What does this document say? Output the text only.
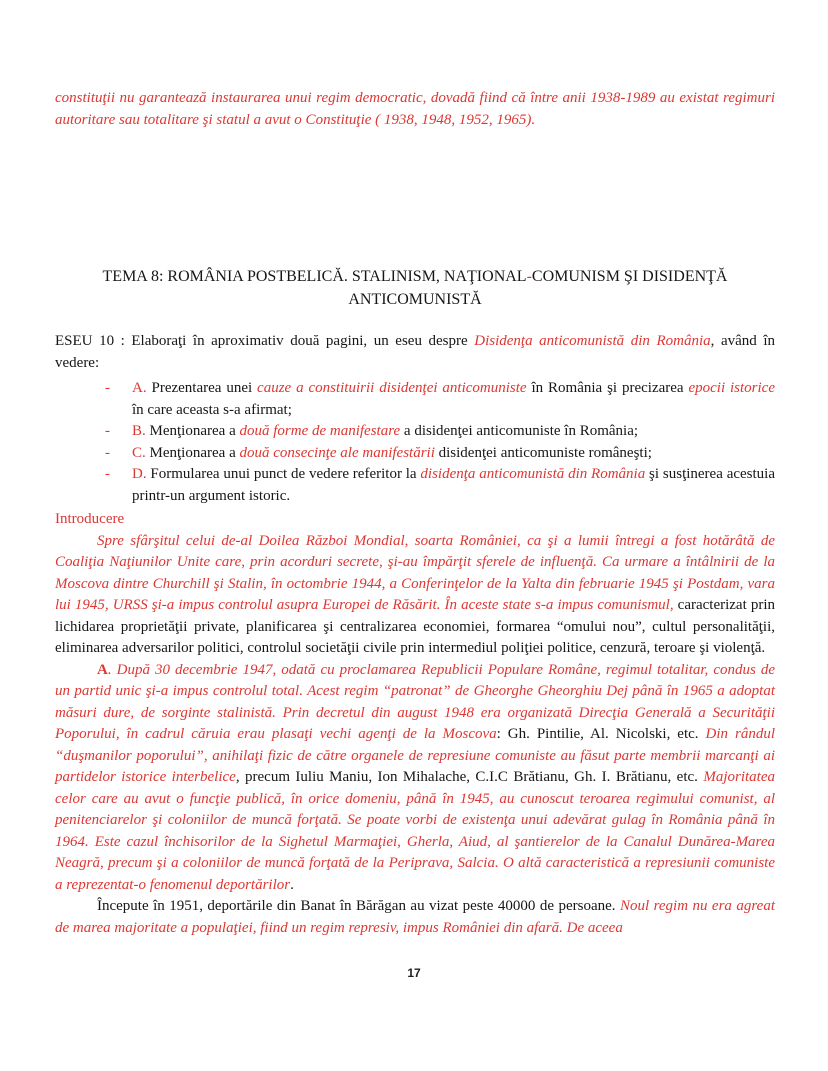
constituţii nu garantează instaurarea unui regim democratic, dovadă fiind că între anii 1938-1989 au existat regimuri autoritare sau totalitare şi statul a avut o Constituţie ( 1938, 1948, 1952, 1965).

TEMA 8: ROMÂNIA POSTBELICĂ. STALINISM, NAŢIONAL-COMUNISM ŞI DISIDENŢĂ
ANTICOMUNISTĂ

ESEU 10 : Elaboraţi în aproximativ două pagini, un eseu despre Disidenţa anticomunistă din România, având în vedere:

- A. Prezentarea unei cauze a constituirii disidenţei anticomuniste în România şi precizarea epocii istorice în care aceasta s-a afirmat;
- B. Menţionarea a două forme de manifestare a disidenţei anticomuniste în România;
- C. Menţionarea a două consecinţe ale manifestării disidenţei anticomuniste româneşti;
- D. Formularea unui punct de vedere referitor la disidenţa anticomunistă din România şi susţinerea acestuia printr-un argument istoric.

Introducere

Spre sfârşitul celui de-al Doilea Război Mondial, soarta României, ca şi a lumii întregi a fost hotărâtă de Coaliţia Naţiunilor Unite care, prin acorduri secrete, şi-au împărţit sferele de influenţă. Ca urmare a întâlnirii de la Moscova dintre Churchill şi Stalin, în octombrie 1944, a Conferinţelor de la Yalta din februarie 1945 şi Postdam, vara lui 1945, URSS şi-a impus controlul asupra Europei de Răsărit. În aceste state s-a impus comunismul, caracterizat prin lichidarea proprietăţii private, planificarea şi centralizarea economiei, formarea “omului nou”, cultul personalităţii, eliminarea adversarilor politici, controlul societăţii civile prin intermediul poliţiei politice, cenzură, teroare şi violenţă.

A. După 30 decembrie 1947, odată cu proclamarea Republicii Populare Române, regimul totalitar, condus de un partid unic şi-a impus controlul total. Acest regim “patronat” de Gheorghe Gheorghiu Dej până în 1965 a adoptat măsuri dure, de sorginte stalinistă. Prin decretul din august 1948 era organizată Direcţia Generală a Securităţii Poporului, în cadrul căruia erau plasaţi vechi agenţi de la Moscova: Gh. Pintilie, Al. Nicolski, etc. Din rândul “duşmanilor poporului”, anihilaţi fizic de către organele de represiune comuniste au făsut parte membrii marcanţi ai partidelor istorice interbelice, precum Iuliu Maniu, Ion Mihalache, C.I.C Brătianu, Gh. I. Brătianu, etc. Majoritatea celor care au avut o funcţie publică, în orice domeniu, până în 1945, au cunoscut teroarea regimului comunist, al penitenciarelor şi coloniilor de muncă forţată. Se poate vorbi de existenţa unui adevărat gulag în România până în 1964. Este cazul închisorilor de la Sighetul Marmaţiei, Gherla, Aiud, al şantierelor de la Canalul Dunărea-Marea Neagră, precum şi a coloniilor de muncă forţată de la Periprava, Salcia. O altă caracteristică a represiunii comuniste a reprezentat-o fenomenul deportărilor.

Începute în 1951, deportările din Banat în Bărăgan au vizat peste 40000 de persoane. Noul regim nu era agreat de marea majoritate a populaţiei, fiind un regim represiv, impus României din afară. De aceea

17
